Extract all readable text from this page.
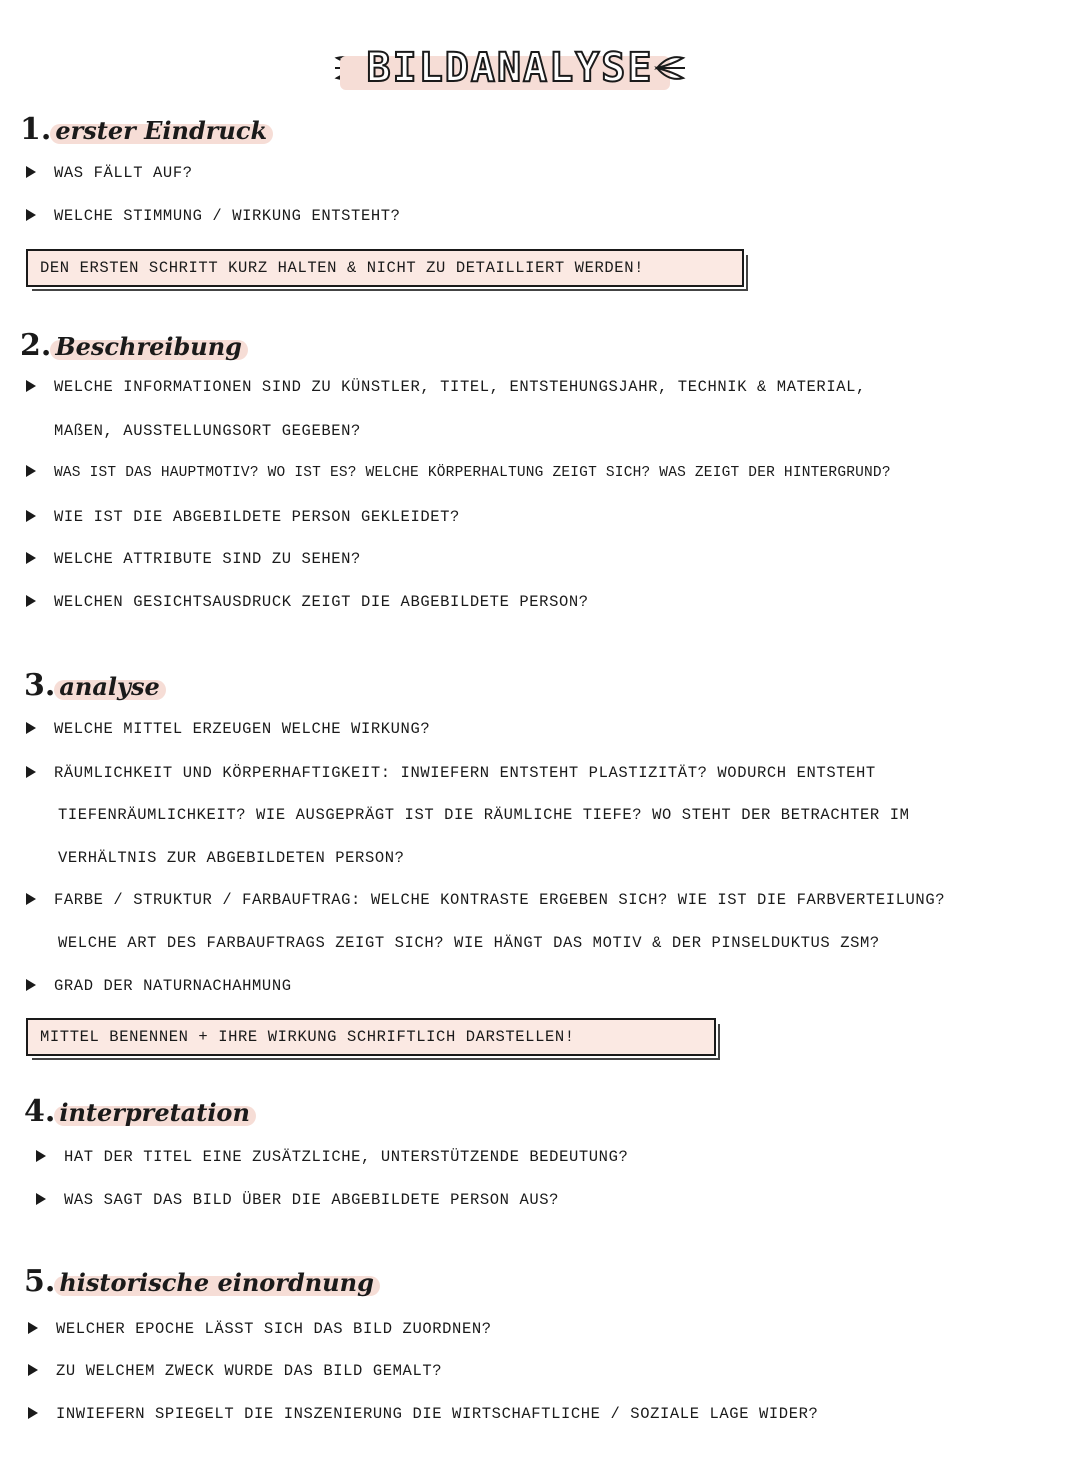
BILDANALYSE
1. erster Eindruck
WAS FÄLLT AUF?
WELCHE STIMMUNG / WIRKUNG ENTSTEHT?
DEN ERSTEN SCHRITT KURZ HALTEN & NICHT ZU DETAILLIERT WERDEN!
2. Beschreibung
WELCHE INFORMATIONEN SIND ZU KÜNSTLER, TITEL, ENTSTEHUNGSJAHR, TECHNIK & MATERIAL,
MAßEN, AUSSTELLUNGSORT GEGEBEN?
WAS IST DAS HAUPTMOTIV? WO IST ES? WELCHE KÖRPERHALTUNG ZEIGT SICH? WAS ZEIGT DER HINTERGRUND?
WIE IST DIE ABGEBILDETE PERSON GEKLEIDET?
WELCHE ATTRIBUTE SIND ZU SEHEN?
WELCHEN GESICHTSAUSDRUCK ZEIGT DIE ABGEBILDETE PERSON?
3. analyse
WELCHE MITTEL ERZEUGEN WELCHE WIRKUNG?
RÄUMLICHKEIT UND KÖRPERHAFTIGKEIT: INWIEFERN ENTSTEHT PLASTIZITÄT? WODURCH ENTSTEHT
TIEFENRÄUMLICHKEIT? WIE AUSGEPRÄGT IST DIE RÄUMLICHE TIEFE? WO STEHT DER BETRACHTER IM
VERHÄLTNIS ZUR ABGEBILDETEN PERSON?
FARBE / STRUKTUR / FARBAUFTRAG: WELCHE KONTRASTE ERGEBEN SICH? WIE IST DIE FARBVERTEILUNG?
WELCHE ART DES FARBAUFTRAGS ZEIGT SICH? WIE HÄNGT DAS MOTIV & DER PINSELDUKTUS ZSM?
GRAD DER NATURNACHAHMUNG
MITTEL BENENNEN + IHRE WIRKUNG SCHRIFTLICH DARSTELLEN!
4. interpretation
HAT DER TITEL EINE ZUSÄTZLICHE, UNTERSTÜTZENDE BEDEUTUNG?
WAS SAGT DAS BILD ÜBER DIE ABGEBILDETE PERSON AUS?
5. historische einordnung
WELCHER EPOCHE LÄSST SICH DAS BILD ZUORDNEN?
ZU WELCHEM ZWECK WURDE DAS BILD GEMALT?
INWIEFERN SPIEGELT DIE INSZENIERUNG DIE WIRTSCHAFTLICHE / SOZIALE LAGE WIDER?
